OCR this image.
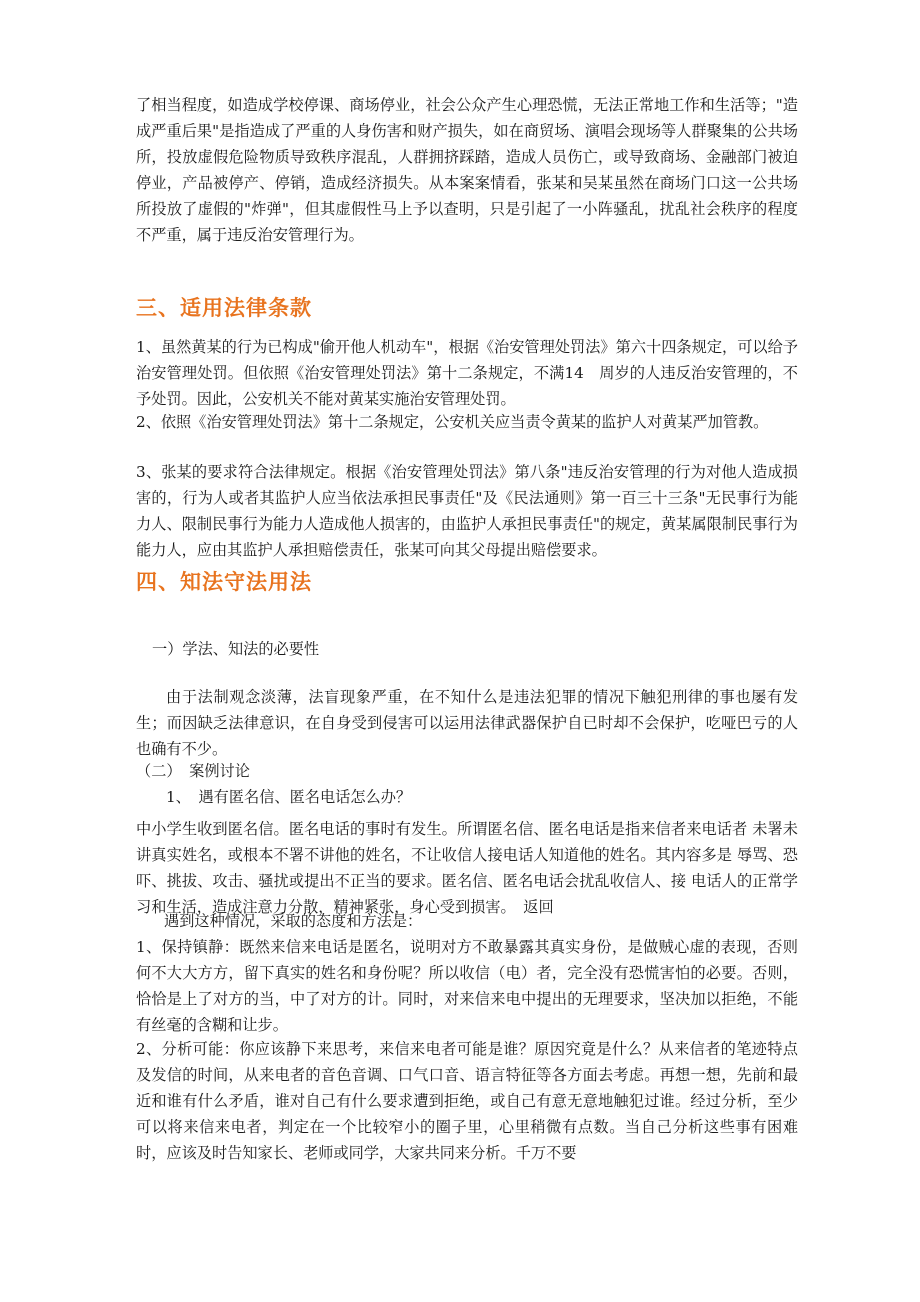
了相当程度，如造成学校停课、商场停业，社会公众产生心理恐慌，无法正常地工作和生活等；"造成严重后果"是指造成了严重的人身伤害和财产损失，如在商贸场、演唱会现场等人群聚集的公共场所，投放虚假危险物质导致秩序混乱，人群拥挤踩踏，造成人员伤亡，或导致商场、金融部门被迫停业，产品被停产、停销，造成经济损失。从本案案情看，张某和吴某虽然在商场门口这一公共场所投放了虚假的"炸弹"，但其虚假性马上予以查明，只是引起了一小阵骚乱，扰乱社会秩序的程度不严重，属于违反治安管理行为。

三、适用法律条款

1、虽然黄某的行为已构成"偷开他人机动车"，根据《治安管理处罚法》第六十四条规定，可以给予治安管理处罚。但依照《治安管理处罚法》第十二条规定，不满14　周岁的人违反治安管理的，不予处罚。因此，公安机关不能对黄某实施治安管理处罚。

2、依照《治安管理处罚法》第十二条规定，公安机关应当责令黄某的监护人对黄某严加管教。

3、张某的要求符合法律规定。根据《治安管理处罚法》第八条"违反治安管理的行为对他人造成损害的，行为人或者其监护人应当依法承担民事责任"及《民法通则》第一百三十三条"无民事行为能力人、限制民事行为能力人造成他人损害的，由监护人承担民事责任"的规定，黄某属限制民事行为能力人，应由其监护人承担赔偿责任，张某可向其父母提出赔偿要求。

四、知法守法用法

一）学法、知法的必要性

由于法制观念淡薄，法盲现象严重，在不知什么是违法犯罪的情况下触犯刑律的事也屡有发生；而因缺乏法律意识，在自身受到侵害可以运用法律武器保护自已时却不会保护，吃哑巴亏的人也确有不少。

（二）　案例讨论

1、　遇有匿名信、匿名电话怎么办？

中小学生收到匿名信。匿名电话的事时有发生。所谓匿名信、匿名电话是指来信者来电话者 未署未讲真实姓名，或根本不署不讲他的姓名，不让收信人接电话人知道他的姓名。其内容多是 辱骂、恐吓、挑拔、攻击、骚扰或提出不正当的要求。匿名信、匿名电话会扰乱收信人、接 电话人的正常学习和生活，造成注意力分散，精神紧张，身心受到损害。　返回

遇到这种情况，采取的态度和方法是：

1、保持镇静：既然来信来电话是匿名，说明对方不敢暴露其真实身份，是做贼心虚的表现，否则何不大大方方，留下真实的姓名和身份呢？所以收信（电）者，完全没有恐慌害怕的必要。否则，恰恰是上了对方的当，中了对方的计。同时，对来信来电中提出的无理要求，坚决加以拒绝，不能有丝毫的含糊和让步。

2、分析可能：你应该静下来思考，来信来电者可能是谁？原因究竟是什么？从来信者的笔迹特点及发信的时间，从来电者的音色音调、口气口音、语言特征等各方面去考虑。再想一想，先前和最近和谁有什么矛盾，谁对自己有什么要求遭到拒绝，或自己有意无意地触犯过谁。经过分析，至少可以将来信来电者，判定在一个比较窄小的圈子里，心里稍微有点数。当自己分析这些事有困难时，应该及时告知家长、老师或同学，大家共同来分析。千万不要
